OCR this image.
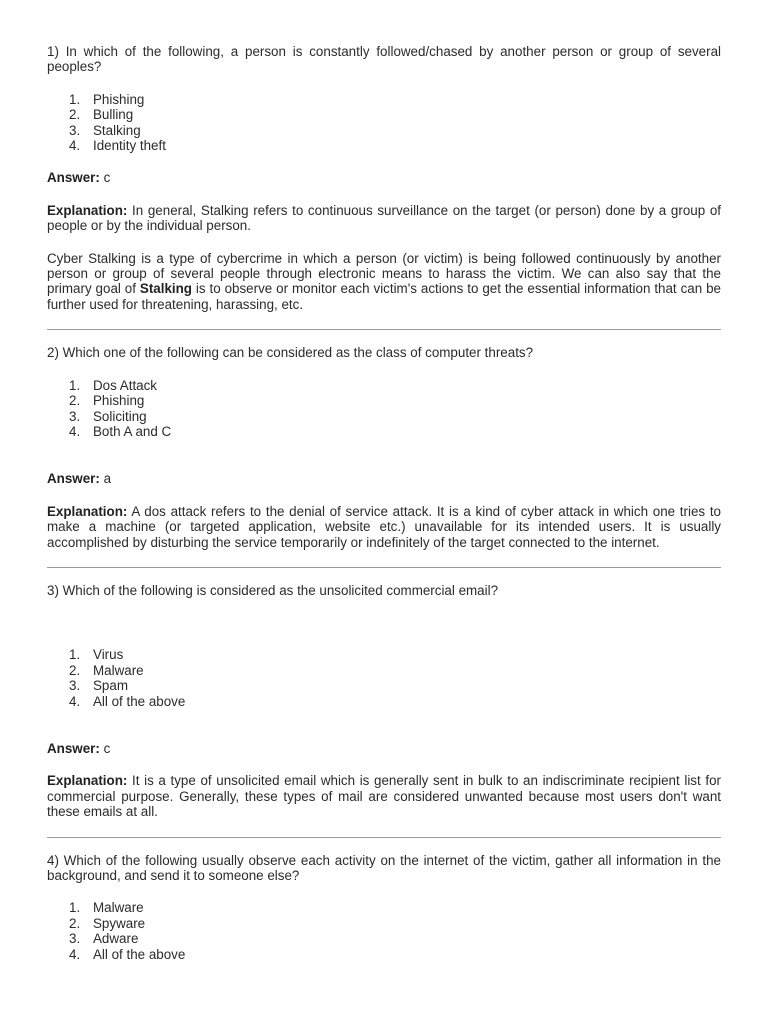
1) In which of the following, a person is constantly followed/chased by another person or group of several peoples?

1. Phishing
2. Bulling
3. Stalking
4. Identity theft

Answer: c

Explanation: In general, Stalking refers to continuous surveillance on the target (or person) done by a group of people or by the individual person.

Cyber Stalking is a type of cybercrime in which a person (or victim) is being followed continuously by another person or group of several people through electronic means to harass the victim. We can also say that the primary goal of Stalking is to observe or monitor each victim's actions to get the essential information that can be further used for threatening, harassing, etc.

2) Which one of the following can be considered as the class of computer threats?

1. Dos Attack
2. Phishing
3. Soliciting
4. Both A and C

Answer: a

Explanation: A dos attack refers to the denial of service attack. It is a kind of cyber attack in which one tries to make a machine (or targeted application, website etc.) unavailable for its intended users. It is usually accomplished by disturbing the service temporarily or indefinitely of the target connected to the internet.

3) Which of the following is considered as the unsolicited commercial email?

1. Virus
2. Malware
3. Spam
4. All of the above

Answer: c

Explanation: It is a type of unsolicited email which is generally sent in bulk to an indiscriminate recipient list for commercial purpose. Generally, these types of mail are considered unwanted because most users don't want these emails at all.

4) Which of the following usually observe each activity on the internet of the victim, gather all information in the background, and send it to someone else?

1. Malware
2. Spyware
3. Adware
4. All of the above
